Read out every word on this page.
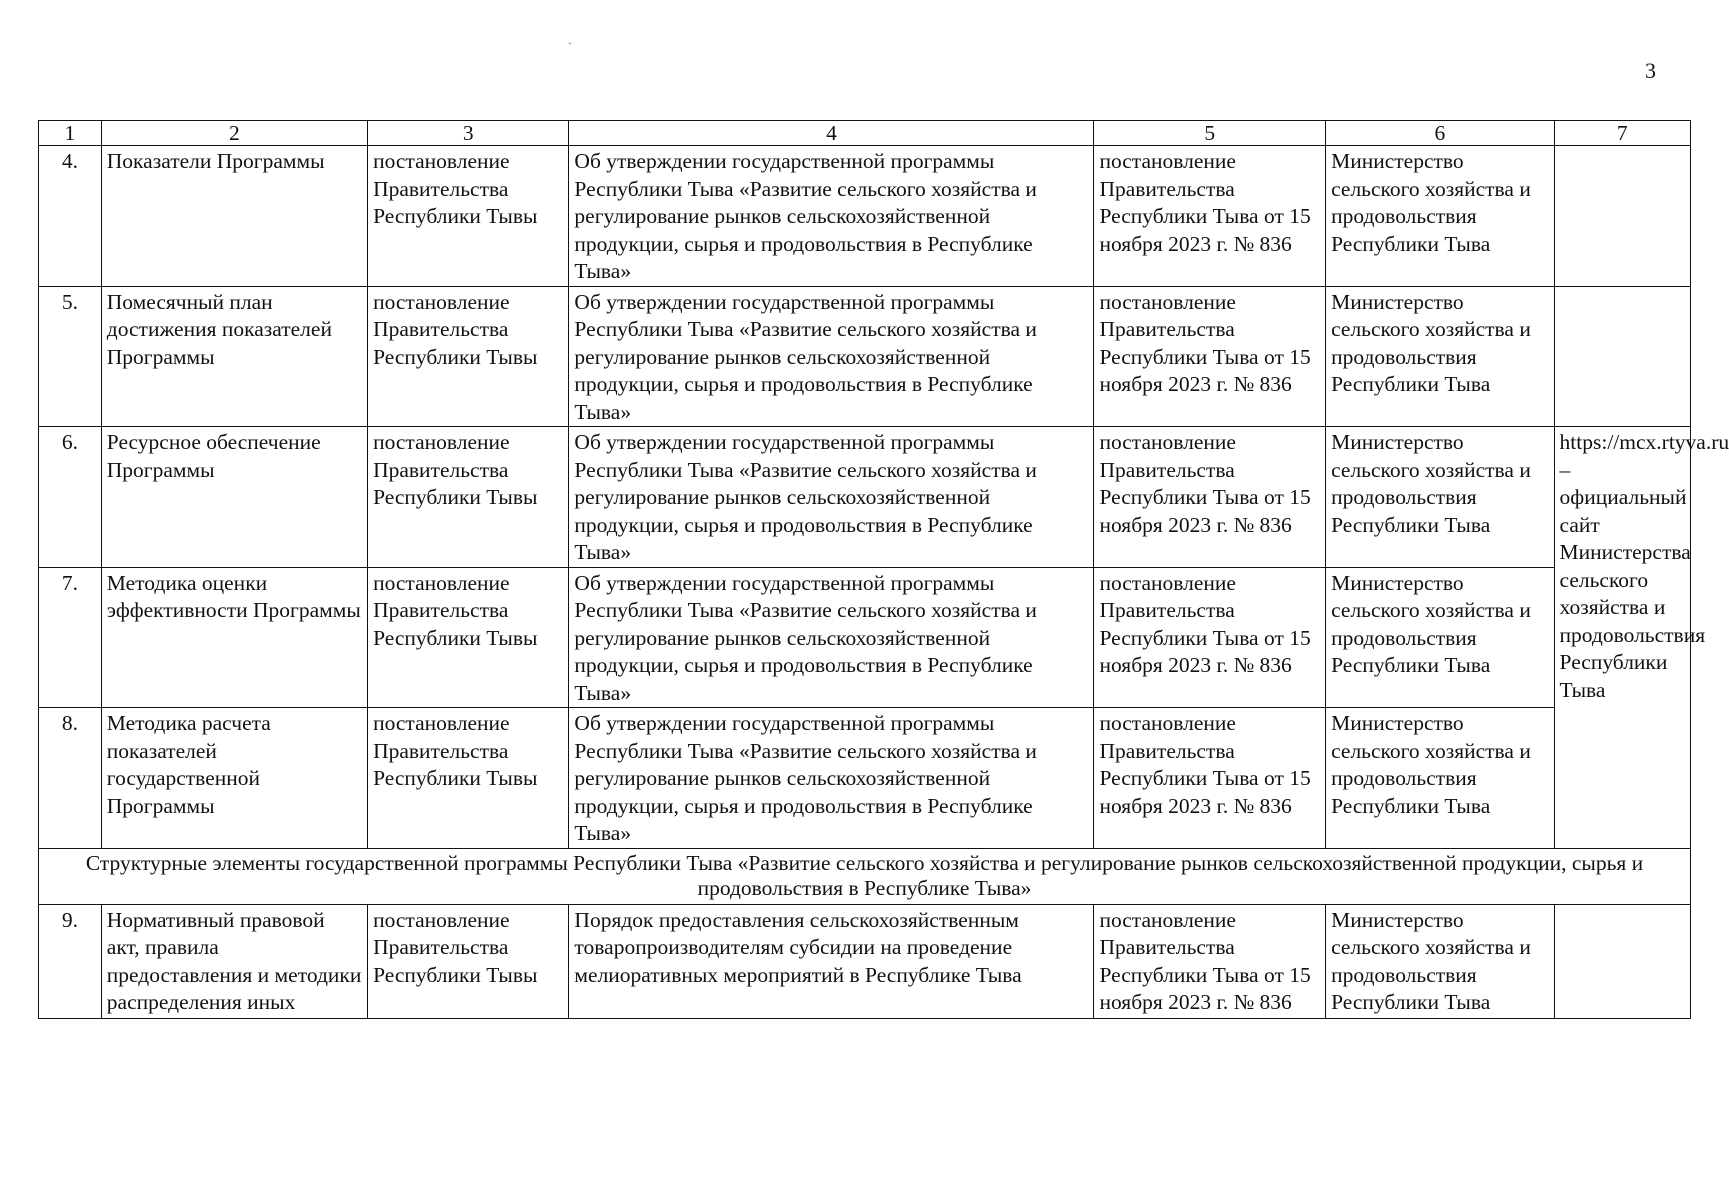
3
`
1	2	3	4	5	6	7
4.	Показатели Программы	постановление Правительства Республики Тывы	Об утверждении государственной программы Республики Тыва «Развитие сельского хозяйства и регулирование рынков сельскохозяйственной продукции, сырья и продовольствия в Республике Тыва»	постановление Правительства Республики Тыва от 15 ноября 2023 г. № 836	Министерство сельского хозяйства и продовольствия Республики Тыва	
5.	Помесячный план достижения показателей Программы	постановление Правительства Республики Тывы	Об утверждении государственной программы Республики Тыва «Развитие сельского хозяйства и регулирование рынков сельскохозяйственной продукции, сырья и продовольствия в Республике Тыва»	постановление Правительства Республики Тыва от 15 ноября 2023 г. № 836	Министерство сельского хозяйства и продовольствия Республики Тыва	
6.	Ресурсное обеспечение Программы	постановление Правительства Республики Тывы	Об утверждении государственной программы Республики Тыва «Развитие сельского хозяйства и регулирование рынков сельскохозяйственной продукции, сырья и продовольствия в Республике Тыва»	постановление Правительства Республики Тыва от 15 ноября 2023 г. № 836	Министерство сельского хозяйства и продовольствия Республики Тыва	https://mcx.rtyva.ru – официальный сайт Министерства сельского хозяйства и продовольствия Республики Тыва
7.	Методика оценки эффективности Программы	постановление Правительства Республики Тывы	Об утверждении государственной программы Республики Тыва «Развитие сельского хозяйства и регулирование рынков сельскохозяйственной продукции, сырья и продовольствия в Республике Тыва»	постановление Правительства Республики Тыва от 15 ноября 2023 г. № 836	Министерство сельского хозяйства и продовольствия Республики Тыва	
8.	Методика расчета показателей государственной Программы	постановление Правительства Республики Тывы	Об утверждении государственной программы Республики Тыва «Развитие сельского хозяйства и регулирование рынков сельскохозяйственной продукции, сырья и продовольствия в Республике Тыва»	постановление Правительства Республики Тыва от 15 ноября 2023 г. № 836	Министерство сельского хозяйства и продовольствия Республики Тыва	
Структурные элементы государственной программы Республики Тыва «Развитие сельского хозяйства и регулирование рынков сельскохозяйственной продукции, сырья и продовольствия в Республике Тыва»						
9.	Нормативный правовой акт, правила предоставления и методики распределения иных	постановление Правительства Республики Тывы	Порядок предоставления сельскохозяйственным товаропроизводителям субсидии на проведение мелиоративных мероприятий в Республике Тыва	постановление Правительства Республики Тыва от 15 ноября 2023 г. № 836	Министерство сельского хозяйства и продовольствия Республики Тыва	
